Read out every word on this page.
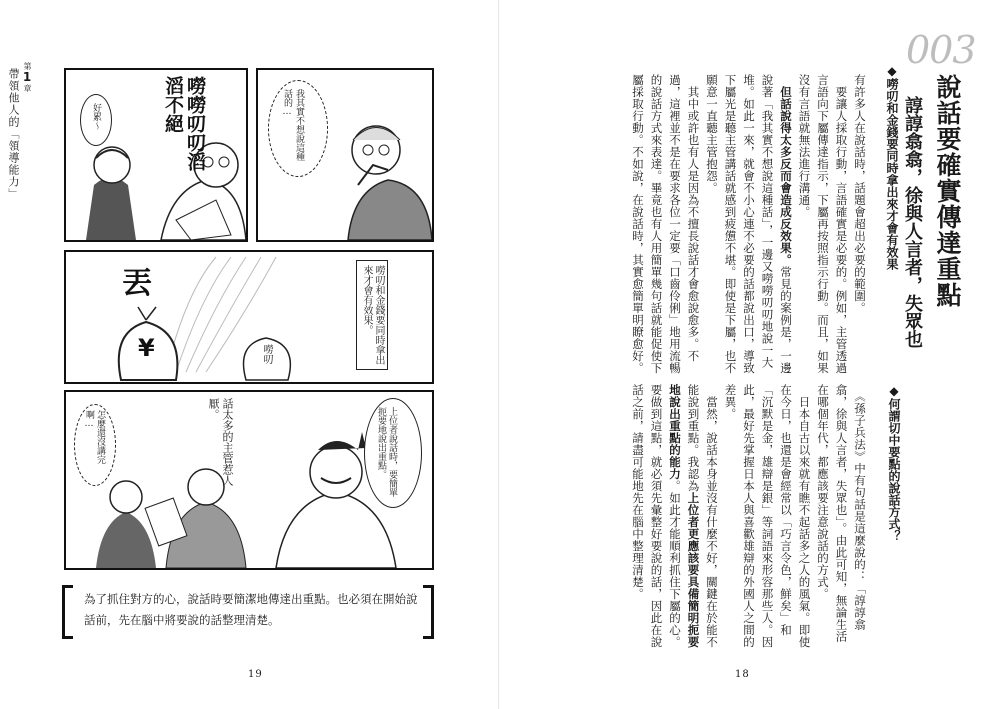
第1章
帶領他人的「領導能力」	好累～	嘮嘮叨叨滔滔不絕	我其實不想說這種話的…
丟
¥	嘮叨	嘮叨和金錢要同時拿出來才會有效果。
怎麼還沒講完啊…	話太多的主管惹人厭。	上位者說話時，要簡單扼要地說出重點。
為了抓住對方的心，說話時要簡潔地傳達出重點。也必須在開始說話前，先在腦中將要說的話整理清楚。
19
003
說話要確實傳達重點
諄諄翕翕，徐與人言者，失眾也
◆嘮叨和金錢要同時拿出來才會有效果

有許多人在說話時，話題會超出必要的範圍。

　要讓人採取行動，言語確實是必要的。例如，主管透過言語向下屬傳達指示，下屬再按照指示行動。而且，如果沒有言語就無法進行溝通。

　但話說得太多反而會造成反效果。常見的案例是，一邊說著「我其實不想說這種話」，一邊又嘮嘮叨叨地說一大堆。如此一來，就會不小心連不必要的話都說出口，導致下屬光是聽主管講話就感到疲憊不堪。即使是下屬，也不願意一直聽主管抱怨。

　其中或許也有人是因為不擅長說話才會愈說愈多。不過，這裡並不是在要求各位一定要「口齒伶俐」地用流暢的說話方式來表達。畢竟也有人用簡單幾句話就能促使下屬採取行動。不如說，在說話時，其實愈簡單明瞭愈好。

◆何謂切中要點的說話方式？

　《孫子兵法》中有句話是這麼說的：「諄諄翕翕，徐與人言者，失眾也」。由此可知，無論生活在哪個年代，都應該要注意說話的方式。

　日本自古以來就有瞧不起話多之人的風氣。即使在今日，也還是會經常以「巧言令色，鮮矣」和「沉默是金，雄辯是銀」等詞語來形容那些人。因此，最好先掌握日本人與喜歡雄辯的外國人之間的差異。

　當然，說話本身並沒有什麼不好，關鍵在於能不能說到重點。我認為上位者更應該要具備簡明扼要地說出重點的能力。如此才能順利抓住下屬的心。要做到這點，就必須先彙整好要說的話，因此在說話之前，請盡可能地先在腦中整理清楚。

18
